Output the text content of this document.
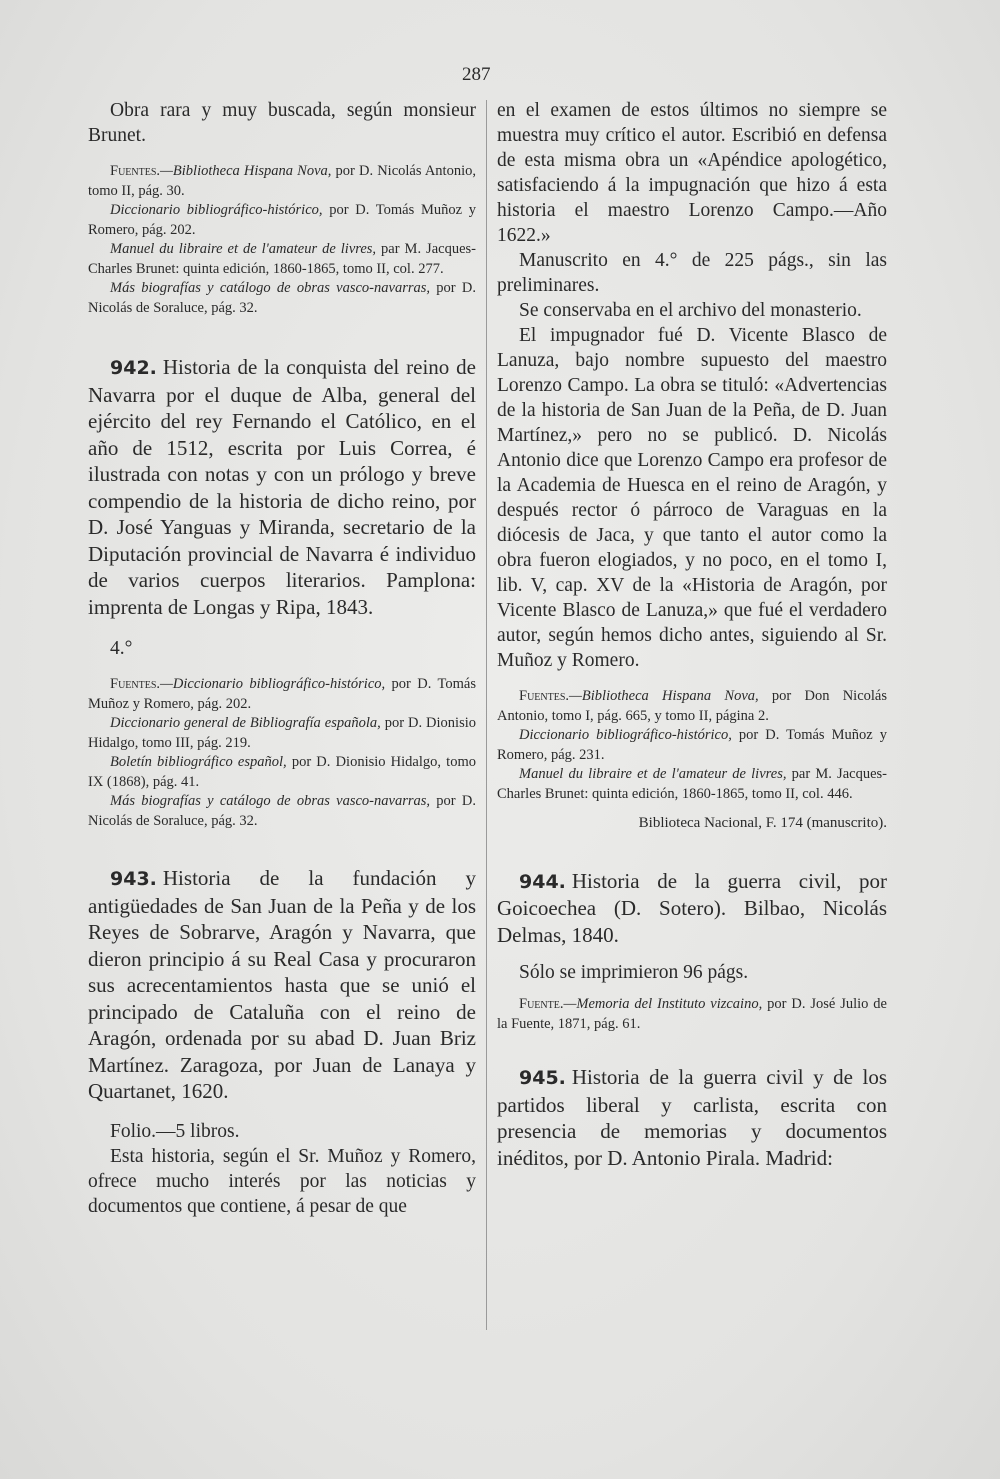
287

Obra rara y muy buscada, según monsieur Brunet.

Fuentes.—Bibliotheca Hispana Nova, por D. Nicolás Antonio, tomo II, pág. 30.

Diccionario bibliográfico-histórico, por D. Tomás Muñoz y Romero, pág. 202.

Manuel du libraire et de l'amateur de livres, par M. Jacques-Charles Brunet: quinta edición, 1860-1865, tomo II, col. 277.

Más biografías y catálogo de obras vasco-navarras, por D. Nicolás de Soraluce, pág. 32.

942. Historia de la conquista del reino de Navarra por el duque de Alba, general del ejército del rey Fernando el Católico, en el año de 1512, escrita por Luis Correa, é ilustrada con notas y con un prólogo y breve compendio de la historia de dicho reino, por D. José Yanguas y Miranda, secretario de la Diputación provincial de Navarra é individuo de varios cuerpos literarios. Pamplona: imprenta de Longas y Ripa, 1843.

4.°

Fuentes.—Diccionario bibliográfico-histórico, por D. Tomás Muñoz y Romero, pág. 202.

Diccionario general de Bibliografía española, por D. Dionisio Hidalgo, tomo III, pág. 219.

Boletín bibliográfico español, por D. Dionisio Hidalgo, tomo IX (1868), pág. 41.

Más biografías y catálogo de obras vasco-navarras, por D. Nicolás de Soraluce, pág. 32.

943. Historia de la fundación y antigüedades de San Juan de la Peña y de los Reyes de Sobrarve, Aragón y Navarra, que dieron principio á su Real Casa y procuraron sus acrecentamientos hasta que se unió el principado de Cataluña con el reino de Aragón, ordenada por su abad D. Juan Briz Martínez. Zaragoza, por Juan de Lanaya y Quartanet, 1620.

Folio.—5 libros.

Esta historia, según el Sr. Muñoz y Romero, ofrece mucho interés por las noticias y documentos que contiene, á pesar de que

en el examen de estos últimos no siempre se muestra muy crítico el autor. Escribió en defensa de esta misma obra un «Apéndice apologético, satisfaciendo á la impugnación que hizo á esta historia el maestro Lorenzo Campo.—Año 1622.»

Manuscrito en 4.° de 225 págs., sin las preliminares.

Se conservaba en el archivo del monasterio.

El impugnador fué D. Vicente Blasco de Lanuza, bajo nombre supuesto del maestro Lorenzo Campo. La obra se tituló: «Advertencias de la historia de San Juan de la Peña, de D. Juan Martínez,» pero no se publicó. D. Nicolás Antonio dice que Lorenzo Campo era profesor de la Academia de Huesca en el reino de Aragón, y después rector ó párroco de Varaguas en la diócesis de Jaca, y que tanto el autor como la obra fueron elogiados, y no poco, en el tomo I, lib. V, cap. XV de la «Historia de Aragón, por Vicente Blasco de Lanuza,» que fué el verdadero autor, según hemos dicho antes, siguiendo al Sr. Muñoz y Romero.

Fuentes.—Bibliotheca Hispana Nova, por Don Nicolás Antonio, tomo I, pág. 665, y tomo II, página 2.

Diccionario bibliográfico-histórico, por D. Tomás Muñoz y Romero, pág. 231.

Manuel du libraire et de l'amateur de livres, par M. Jacques-Charles Brunet: quinta edición, 1860-1865, tomo II, col. 446.

Biblioteca Nacional, F. 174 (manuscrito).

944. Historia de la guerra civil, por Goicoechea (D. Sotero). Bilbao, Nicolás Delmas, 1840.

Sólo se imprimieron 96 págs.

Fuente.—Memoria del Instituto vizcaino, por D. José Julio de la Fuente, 1871, pág. 61.

945. Historia de la guerra civil y de los partidos liberal y carlista, escrita con presencia de memorias y documentos inéditos, por D. Antonio Pirala. Madrid:
